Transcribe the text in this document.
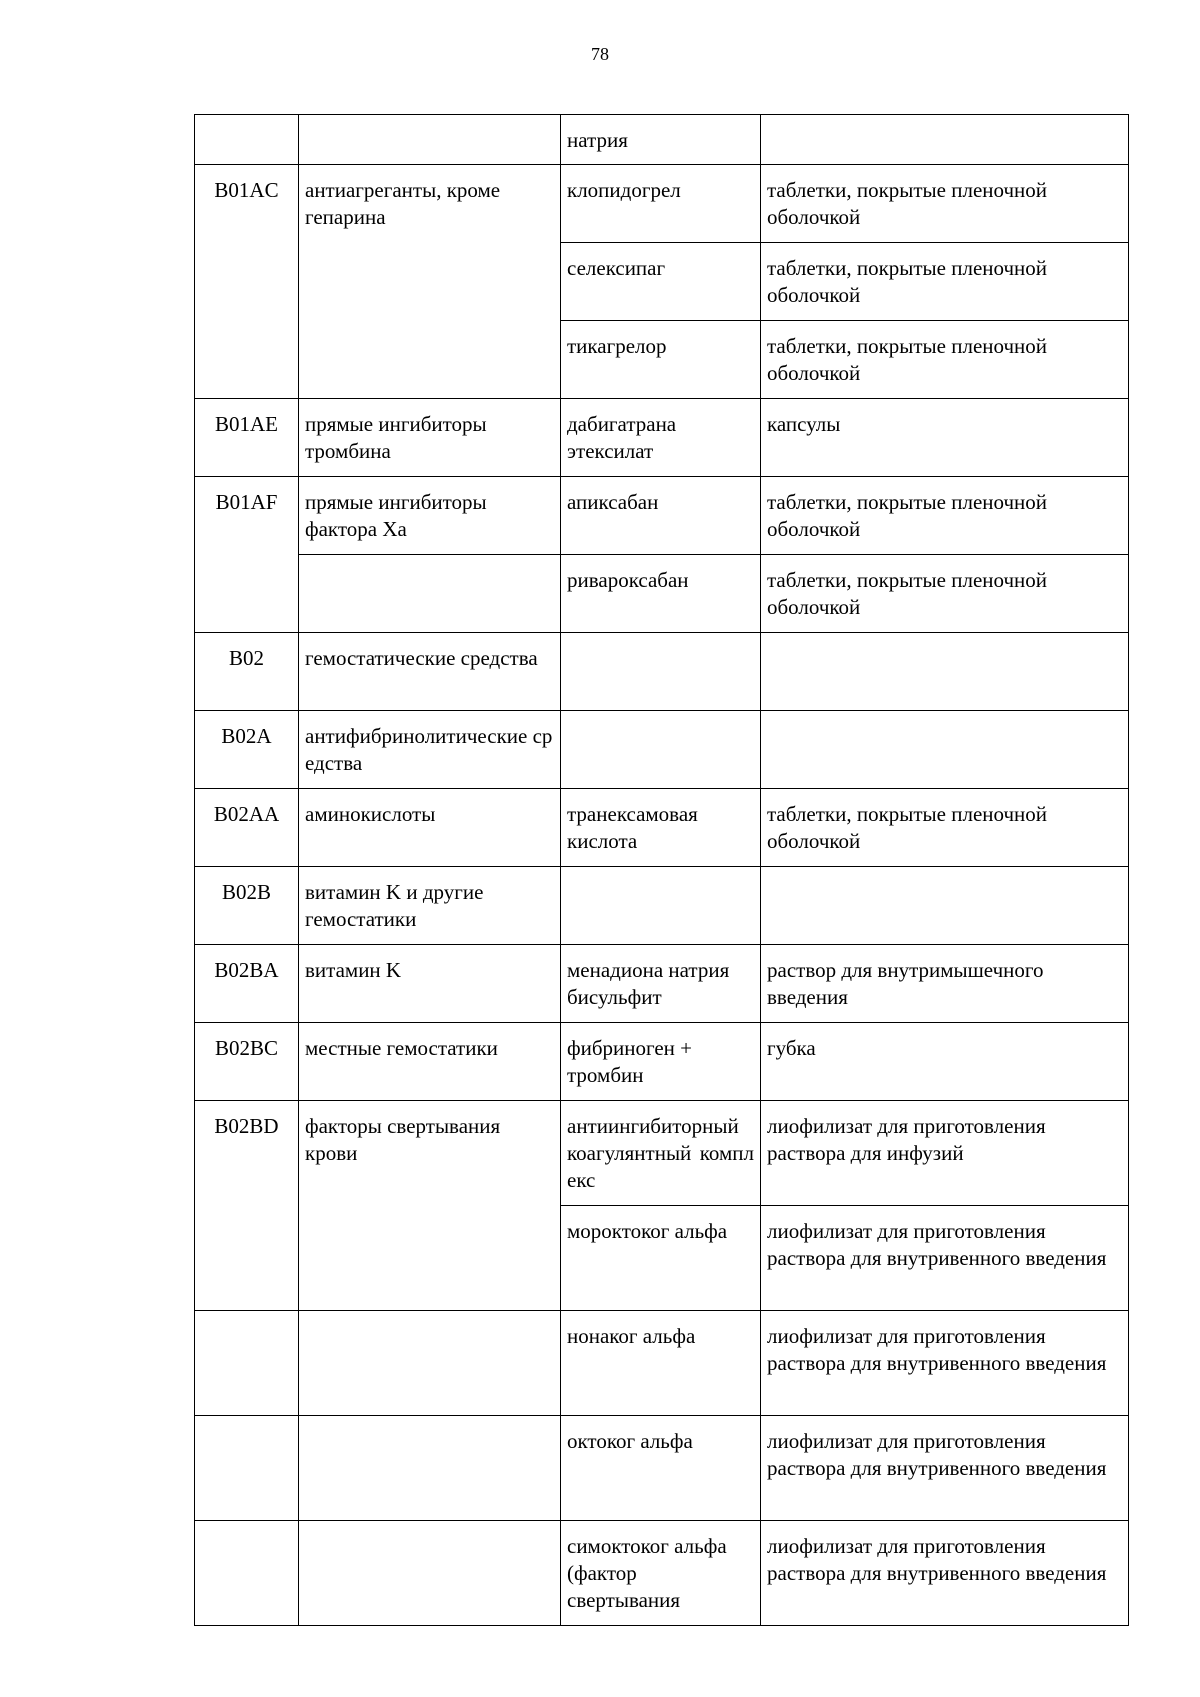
78
		натрия	
B01AC	антиагреганты, кроме гепарина	клопидогрел	таблетки, покрытые пленочной оболочкой
		селексипаг	таблетки, покрытые пленочной оболочкой
		тикагрелор	таблетки, покрытые пленочной оболочкой
B01AE	прямые ингибиторы тромбина	дабигатрана этексилат	капсулы
B01AF	прямые ингибиторы фактора Xa	апиксабан	таблетки, покрытые пленочной оболочкой
		ривароксабан	таблетки, покрытые пленочной оболочкой
B02	гемостатические средства		
B02A	антифибринолитические средства		
B02AA	аминокислоты	транексамовая кислота	таблетки, покрытые пленочной оболочкой
B02B	витамин K и другие гемостатики		
B02BA	витамин K	менадиона натрия бисульфит	раствор для внутримышечного введения
B02BC	местные гемостатики	фибриноген + тромбин	губка
B02BD	факторы свертывания крови	антиингибиторный коагулянтный комплекс	лиофилизат для приготовления раствора для инфузий
		мороктоког альфа	лиофилизат для приготовления раствора для внутривенного введения
		нонаког альфа	лиофилизат для приготовления раствора для внутривенного введения
		октоког альфа	лиофилизат для приготовления раствора для внутривенного введения
		симоктоког альфа (фактор свертывания	лиофилизат для приготовления раствора для внутривенного введения
